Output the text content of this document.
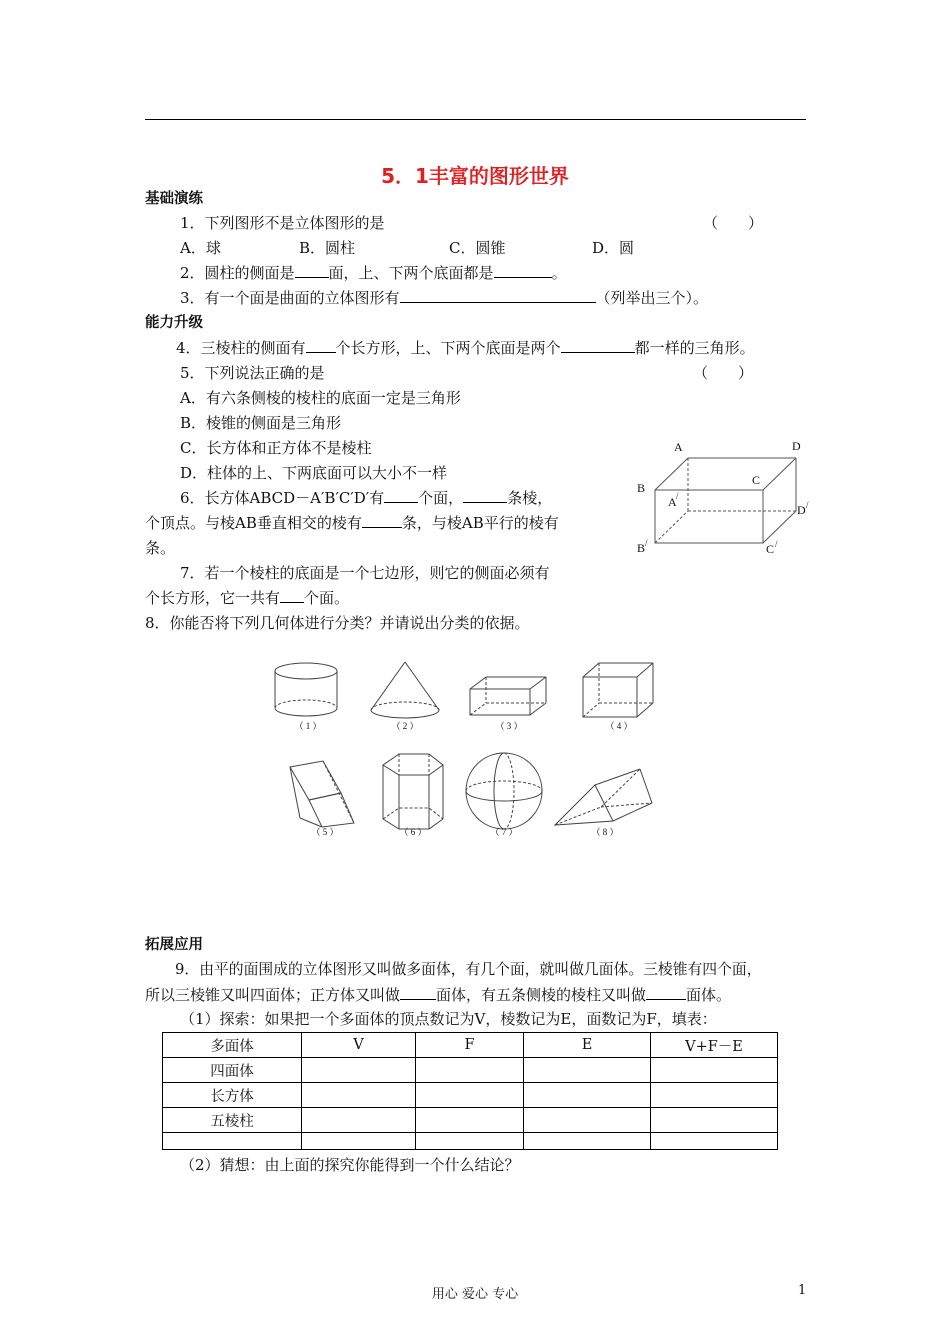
5．1丰富的图形世界
基础演练
1．下列图形不是立体图形的是	（　　）
A．球	B．圆柱	C．圆锥	D．圆
2．圆柱的侧面是 面，上、下两个底面都是	。
3．有一个面是曲面的立体图形有	（列举出三个）。
能力升级
4．三棱柱的侧面有 个长方形，上、下两个底面是两个	都一样的三角形。
5．下列说法正确的是	（　　）
A．有六条侧棱的棱柱的底面一定是三角形
B．棱锥的侧面是三角形
C．长方体和正方体不是棱柱
D．柱体的上、下两底面可以大小不一样
6．长方体ABCD－A′B′C′D′有 个面，	条棱，
个顶点。与棱AB垂直相交的棱有	条，与棱AB平行的棱有
条。
7．若一个棱柱的底面是一个七边形，则它的侧面必须有
个长方形，它一共有 个面。
A	D
B
C
A /
D /
B /	C /
8．你能否将下列几何体进行分类？并请说出分类的依据。
（ 1 ）	（ 2 ）	（ 3 ）	（ 4 ）
（ 5 ）	（ 6 ）	（ 7 ）	（ 8 ）
拓展应用
9．由平的面围成的立体图形又叫做多面体，有几个面，就叫做几面体。三棱锥有四个面，
所以三棱锥又叫四面体；正方体又叫做 面体，有五条侧棱的棱柱又叫做	面体。
（1）探索：如果把一个多面体的顶点数记为V，棱数记为E，面数记为F，填表：
多面体	V	F	E	V+F－E
四面体				
长方体				
五棱柱				

（2）猜想：由上面的探究你能得到一个什么结论？
用心 爱心 专心	1
